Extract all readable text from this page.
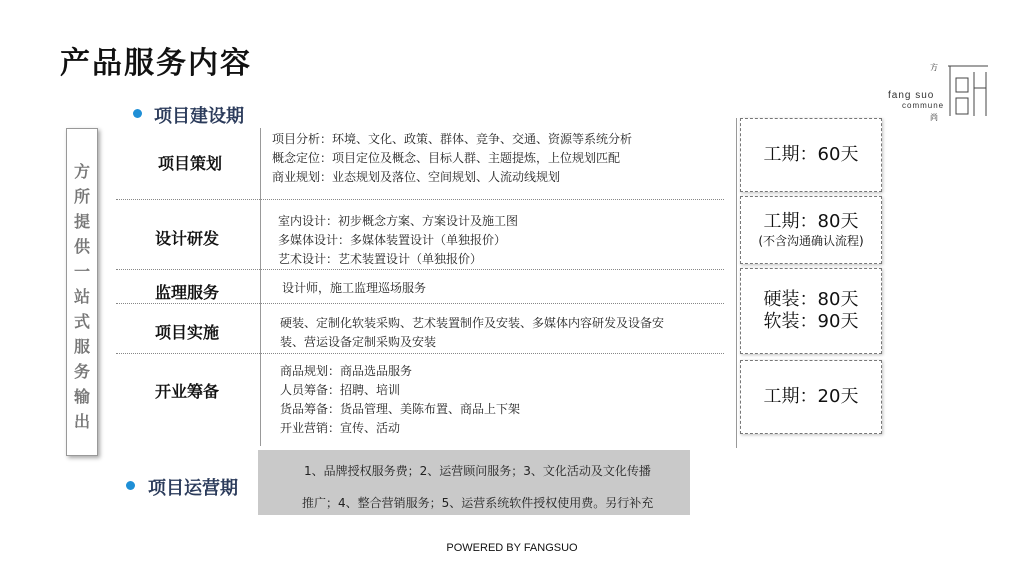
产品服务内容	方
fang suo
commune
尚
项目建设期
方
所
提
供
一
站
式
服
务
输
出
项目策划
设计研发
监理服务
项目实施
开业筹备
项目分析：环境、文化、政策、群体、竞争、交通、资源等系统分析
概念定位：项目定位及概念、目标人群、主题提炼，上位规划匹配
商业规划：业态规划及落位、空间规划、人流动线规划
室内设计：初步概念方案、方案设计及施工图
多媒体设计：多媒体装置设计（单独报价）
艺术设计：艺术装置设计（单独报价）
设计师，施工监理巡场服务
硬装、定制化软装采购、艺术装置制作及安装、多媒体内容研发及设备安
装、营运设备定制采购及安装
商品规划：商品选品服务
人员筹备：招聘、培训
货品筹备：货品管理、美陈布置、商品上下架
开业营销：宣传、活动
工期：60天
工期：80天
(不含沟通确认流程)
硬装：80天
软装：90天
工期：20天
项目运营期
1、品牌授权服务费；2、运营顾问服务；3、文化活动及文化传播
推广；4、整合营销服务；5、运营系统软件授权使用费。另行补充
POWERED BY FANGSUO
